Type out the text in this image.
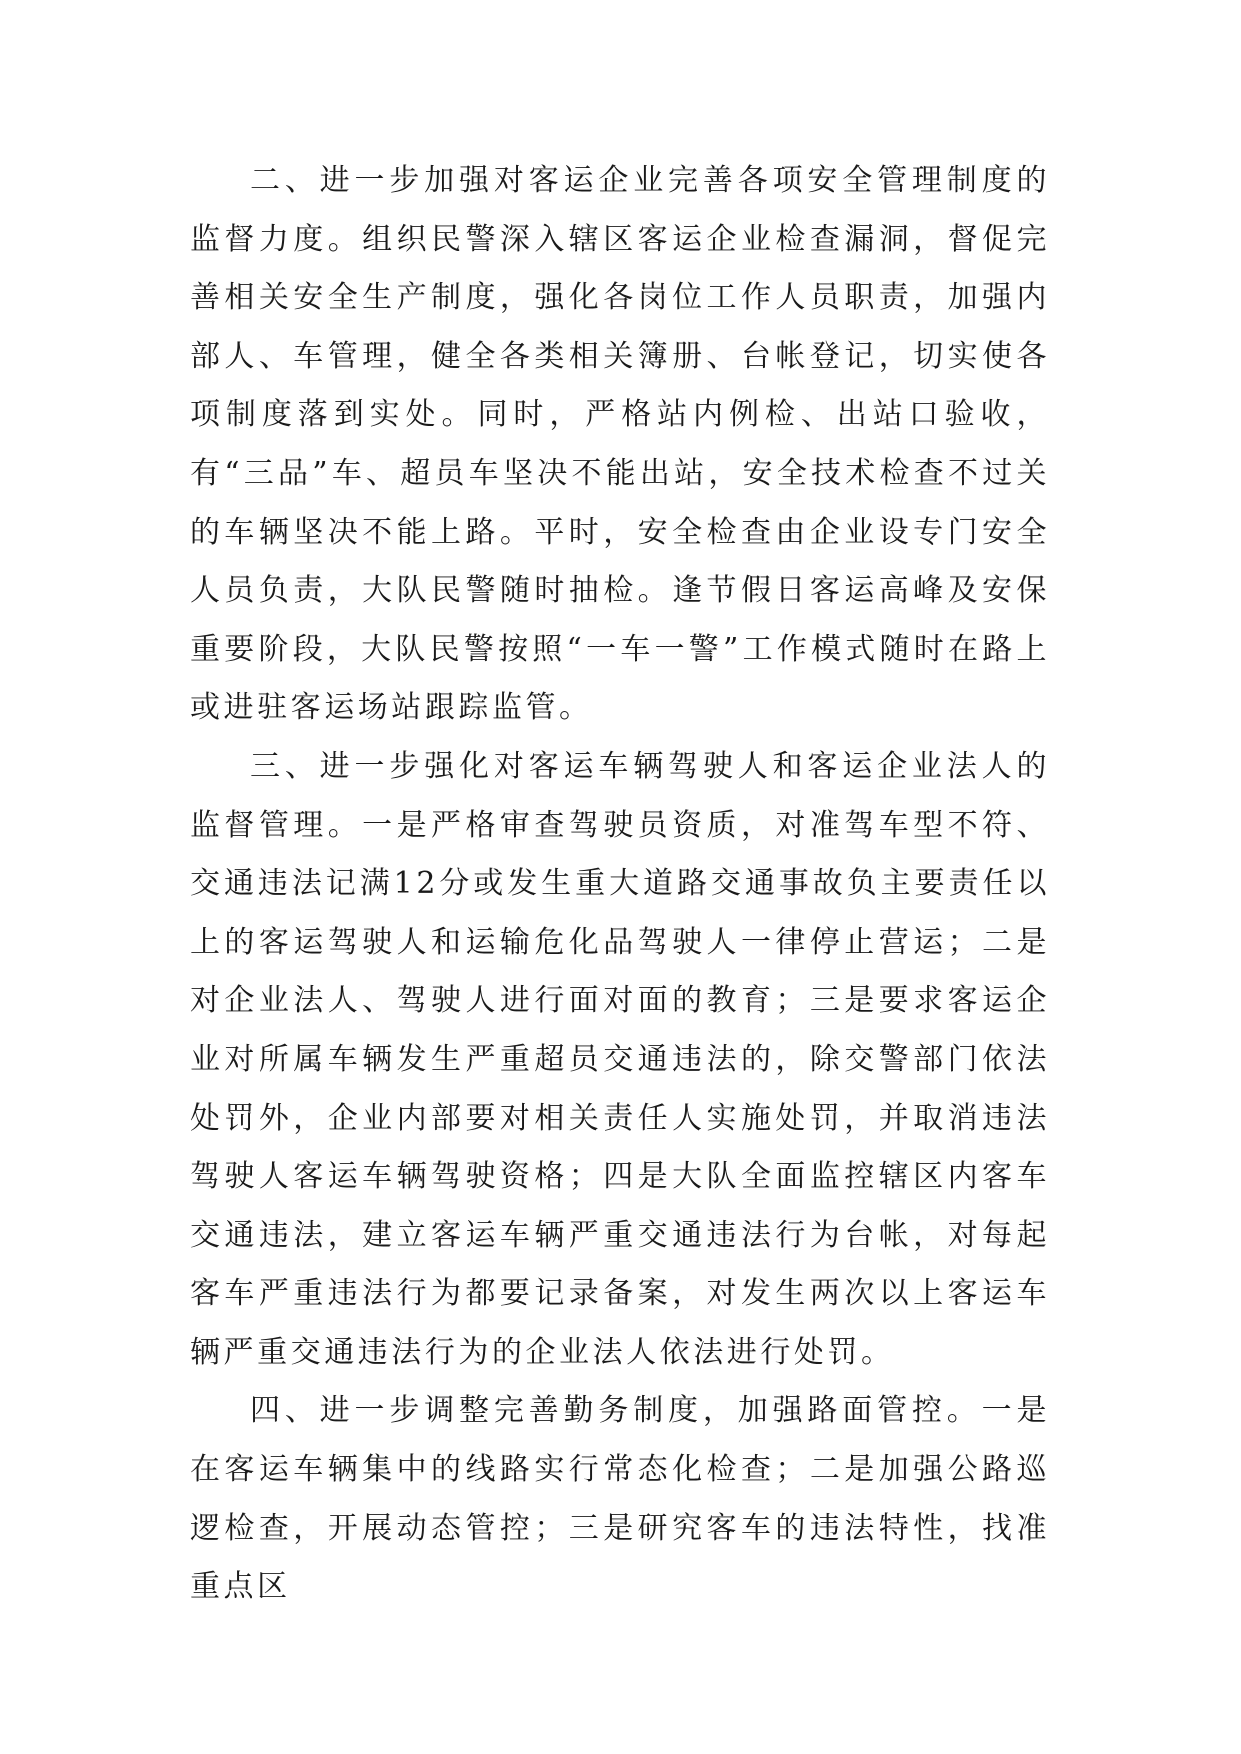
二、进一步加强对客运企业完善各项安全管理制度的监督力度。组织民警深入辖区客运企业检查漏洞，督促完善相关安全生产制度，强化各岗位工作人员职责，加强内部人、车管理，健全各类相关簿册、台帐登记，切实使各项制度落到实处。同时，严格站内例检、出站口验收，有“三品”车、超员车坚决不能出站，安全技术检查不过关的车辆坚决不能上路。平时，安全检查由企业设专门安全人员负责，大队民警随时抽检。逢节假日客运高峰及安保重要阶段，大队民警按照“一车一警”工作模式随时在路上或进驻客运场站跟踪监管。

三、进一步强化对客运车辆驾驶人和客运企业法人的监督管理。一是严格审查驾驶员资质，对准驾车型不符、交通违法记满12分或发生重大道路交通事故负主要责任以上的客运驾驶人和运输危化品驾驶人一律停止营运；二是对企业法人、驾驶人进行面对面的教育；三是要求客运企业对所属车辆发生严重超员交通违法的，除交警部门依法处罚外，企业内部要对相关责任人实施处罚，并取消违法驾驶人客运车辆驾驶资格；四是大队全面监控辖区内客车交通违法，建立客运车辆严重交通违法行为台帐，对每起客车严重违法行为都要记录备案，对发生两次以上客运车辆严重交通违法行为的企业法人依法进行处罚。

四、进一步调整完善勤务制度，加强路面管控。一是在客运车辆集中的线路实行常态化检查；二是加强公路巡逻检查，开展动态管控；三是研究客车的违法特性，找准重点区
